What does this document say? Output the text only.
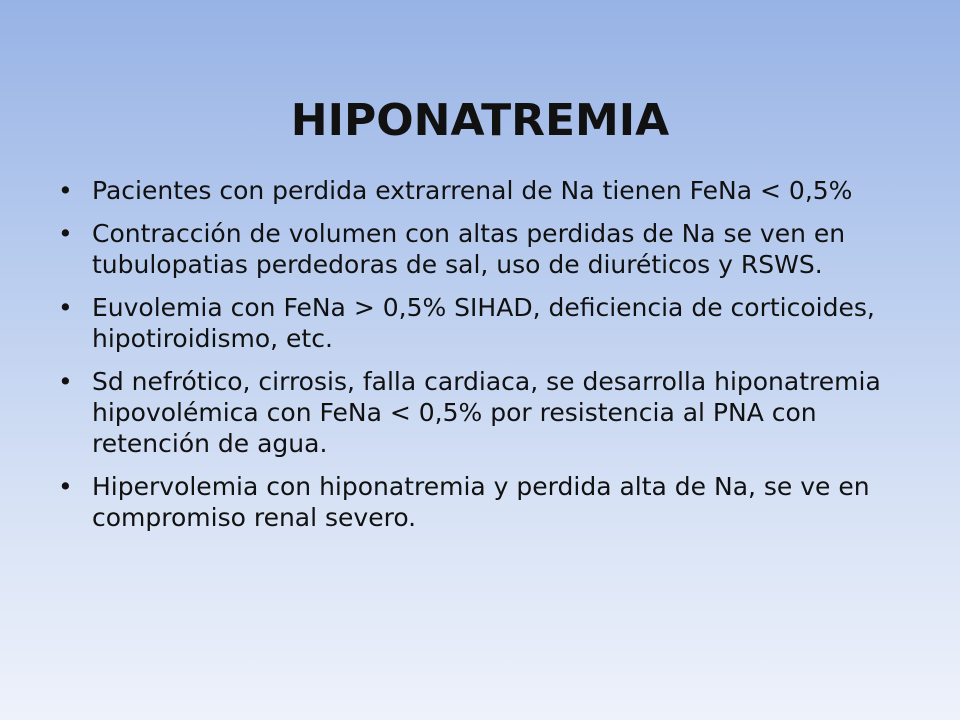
HIPONATREMIA
• Pacientes con perdida extrarrenal de Na tienen FeNa < 0,5%
• Contracción de volumen con altas perdidas de Na se ven en tubulopatias perdedoras de sal, uso de diuréticos y RSWS.
• Euvolemia con FeNa > 0,5% SIHAD, deficiencia de corticoides, hipotiroidismo, etc.
• Sd nefrótico, cirrosis, falla cardiaca, se desarrolla hiponatremia hipovolémica con FeNa < 0,5% por resistencia al PNA con retención de agua.
• Hipervolemia con hiponatremia y perdida alta de Na, se ve en compromiso renal severo.
